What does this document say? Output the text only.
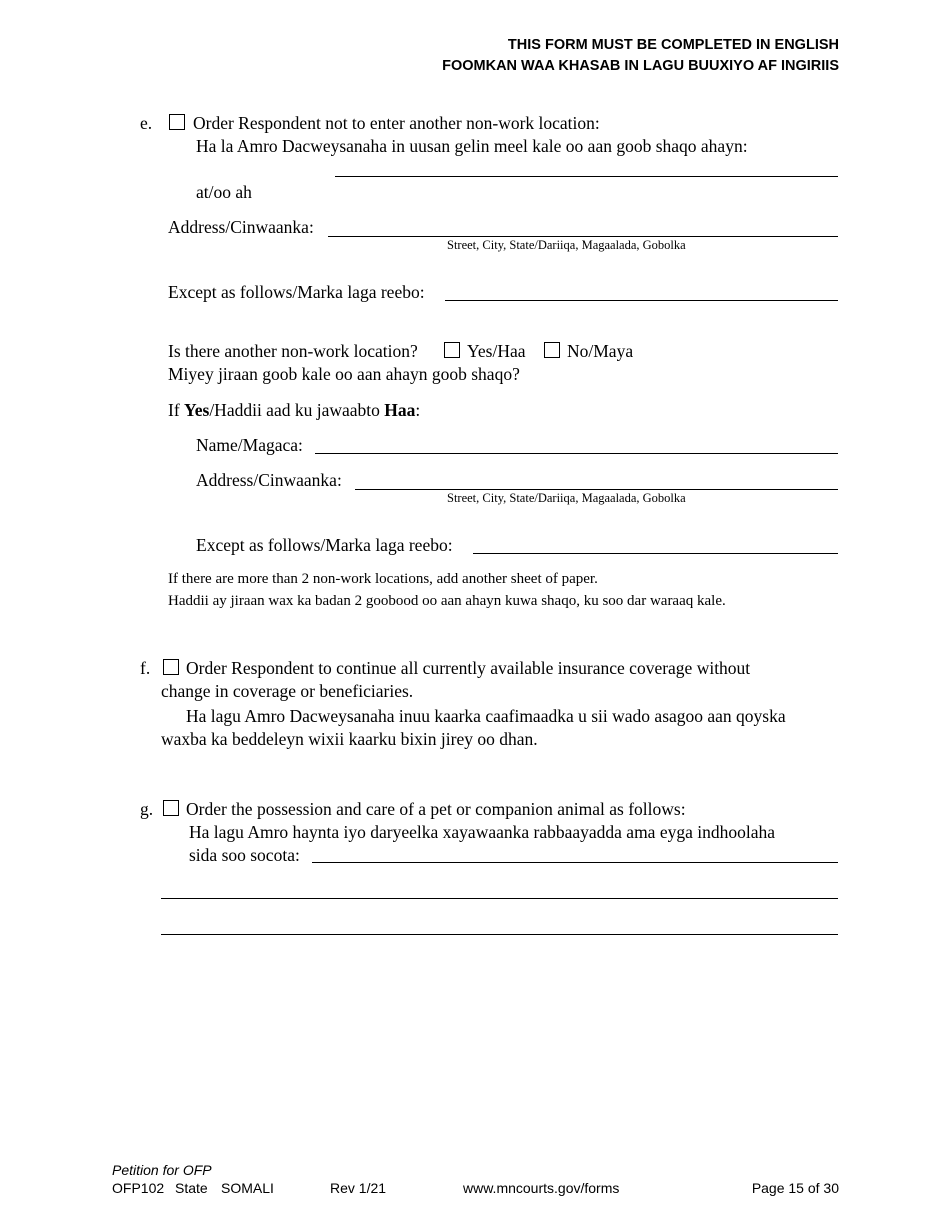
THIS FORM MUST BE COMPLETED IN ENGLISH
FOOMKAN WAA KHASAB IN LAGU BUUXIYO AF INGIRIIS
e. Order Respondent not to enter another non-work location:
Ha la Amro Dacweysanaha in uusan gelin meel kale oo aan goob shaqo ahayn:
at/oo ah
Address/Cinwaanka:
Street, City, State/Dariiqa, Magaalada, Gobolka
Except as follows/Marka laga reebo:
Is there another non-work location?	Yes/Haa No/Maya
Miyey jiraan goob kale oo aan ahayn goob shaqo?
If Yes/Haddii aad ku jawaabto Haa:
Name/Magaca:
Address/Cinwaanka:
Street, City, State/Dariiqa, Magaalada, Gobolka
Except as follows/Marka laga reebo:
If there are more than 2 non-work locations, add another sheet of paper.
Haddii ay jiraan wax ka badan 2 goobood oo aan ahayn kuwa shaqo, ku soo dar waraaq kale.
f. Order Respondent to continue all currently available insurance coverage without
change in coverage or beneficiaries.
Ha lagu Amro Dacweysanaha inuu kaarka caafimaadka u sii wado asagoo aan qoyska
waxba ka beddeleyn wixii kaarku bixin jirey oo dhan.
g. Order the possession and care of a pet or companion animal as follows:
Ha lagu Amro haynta iyo daryeelka xayawaanka rabbaayadda ama eyga indhoolaha
sida soo socota:
Petition for OFP
OFP102 State SOMALI	Rev 1/21	www.mncourts.gov/forms	Page 15 of 30
